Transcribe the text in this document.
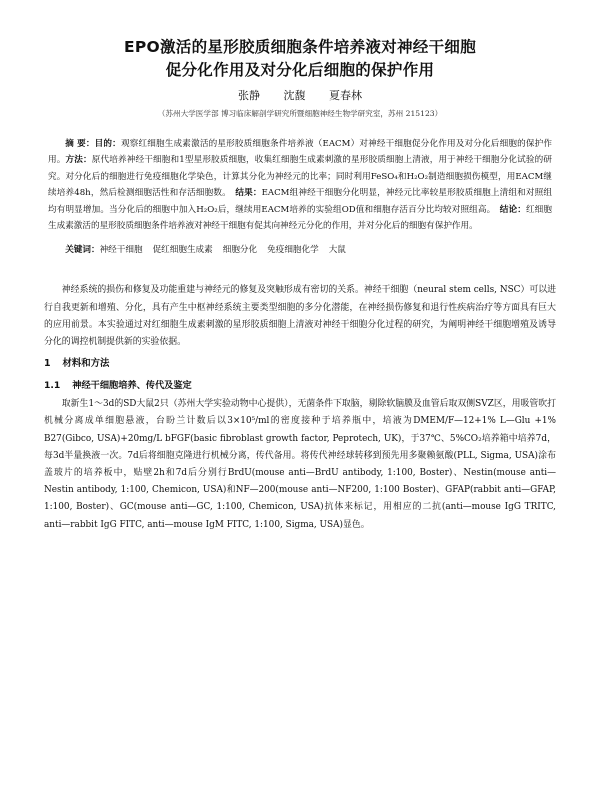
EPO激活的星形胶质细胞条件培养液对神经干细胞
促分化作用及对分化后细胞的保护作用
张静 沈馥 夏春林
（苏州大学医学部 博习临床解剖学研究所暨细胞神经生物学研究室，苏州 215123）
摘 要：目的：观察红细胞生成素激活的星形胶质细胞条件培养液（EACM）对神经干细胞促分化作用及对分化后细胞的保护作用。方法：原代培养神经干细胞和1型星形胶质细胞，收集红细胞生成素刺激的星形胶质细胞上清液，用于神经干细胞分化试验的研究。对分化后的细胞进行免疫细胞化学染色，计算其分化为神经元的比率；同时利用FeSO₄和H₂O₂制造细胞损伤模型，用EACM继续培养48h，然后检测细胞活性和存活细胞数。　 结果：EACM组神经干细胞分化明显，神经元比率较星形胶质细胞上清组和对照组均有明显增加。当分化后的细胞中加入H₂O₂后，继续用EACM培养的实验组OD值和细胞存活百分比均较对照组高。　 结论：红细胞生成素激活的星形胶质细胞条件培养液对神经干细胞有促其向神经元分化的作用，并对分化后的细胞有保护作用。
关键词：神经干细胞 促红细胞生成素 细胞分化 免疫细胞化学 大鼠

神经系统的损伤和修复及功能重建与神经元的修复及突触形成有密切的关系。神经干细胞（neural stem cells, NSC）可以进行自我更新和增殖、分化，具有产生中枢神经系统主要类型细胞的多分化潜能，在神经损伤修复和退行性疾病治疗等方面具有巨大的应用前景。本实验通过对红细胞生成素刺激的星形胶质细胞上清液对神经干细胞分化过程的研究，为阐明神经干细胞增殖及诱导分化的调控机制提供新的实验依据。

1 材料和方法
1.1 神经干细胞培养、传代及鉴定

取新生1～3d的SD大鼠2只（苏州大学实验动物中心提供），无菌条件下取脑，剔除软脑膜及血管后取双侧SVZ区，用吸管吹打机械分离成单细胞悬液，台盼兰计数后以3×10⁵/ml的密度接种于培养瓶中，培液为DMEM/F—12+1% L—Glu +1% B27(Gibco, USA)+20mg/L bFGF(basic fibroblast growth factor, Peprotech, UK)，于37℃、5%CO₂培养箱中培养7d，每3d半量换液一次。7d后将细胞克隆进行机械分离，传代备用。将传代神经球转移到预先用多聚赖氨酸(PLL, Sigma, USA)涂布盖玻片的培养板中，贴壁2h和7d后分别行BrdU(mouse anti—BrdU antibody, 1:100, Boster)、Nestin(mouse anti—Nestin antibody, 1:100, Chemicon, USA)和NF—200(mouse anti—NF200, 1:100 Boster)、GFAP(rabbit anti—GFAP, 1:100, Boster)、GC(mouse anti—GC, 1:100, Chemicon, USA)抗体来标记，用相应的二抗(anti—mouse IgG TRITC, anti—rabbit IgG FITC, anti—mouse IgM FITC, 1:100, Sigma, USA)显色。
